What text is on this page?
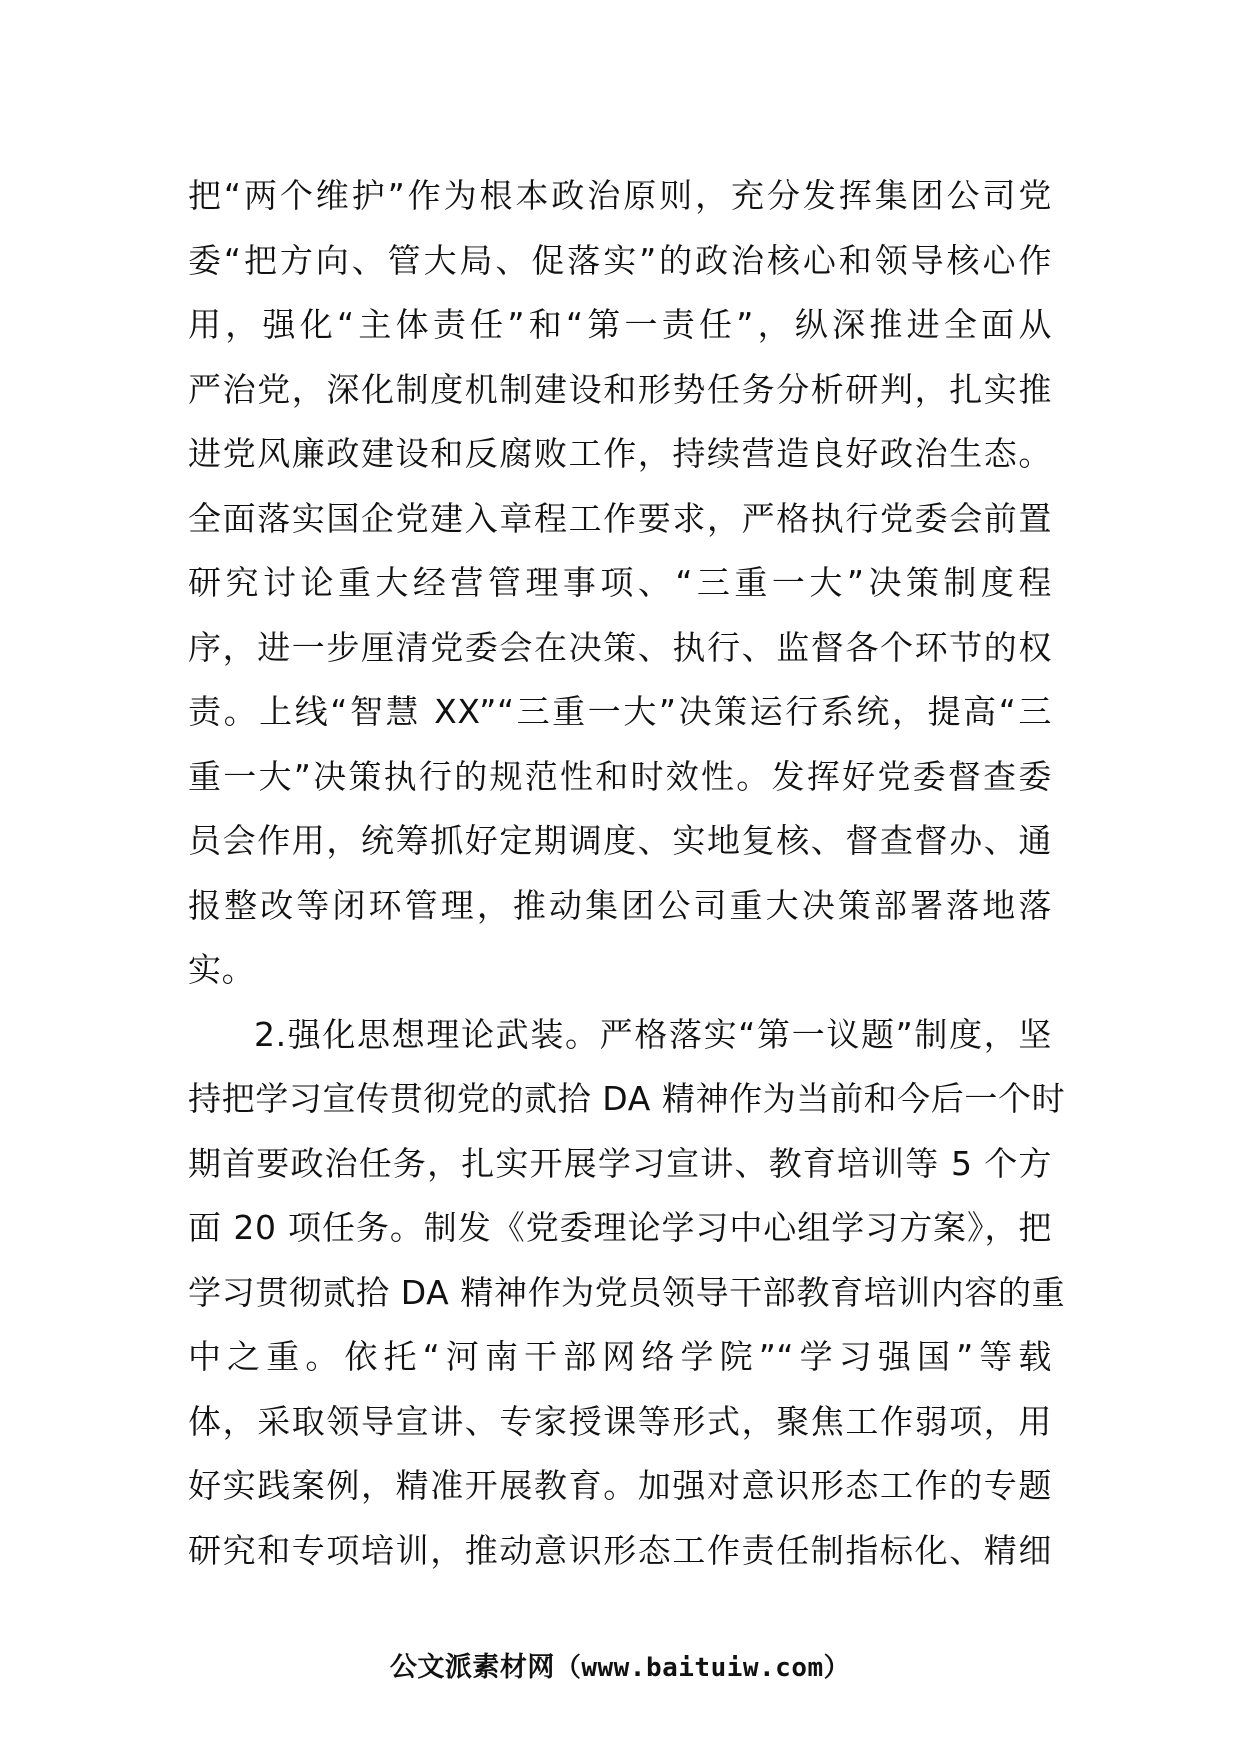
把“两个维护”作为根本政治原则，充分发挥集团公司党
委“把方向、管大局、促落实”的政治核心和领导核心作
用，强化“主体责任”和“第一责任”，纵深推进全面从
严治党，深化制度机制建设和形势任务分析研判，扎实推
进党风廉政建设和反腐败工作，持续营造良好政治生态。
全面落实国企党建入章程工作要求，严格执行党委会前置
研究讨论重大经营管理事项、“三重一大”决策制度程
序，进一步厘清党委会在决策、执行、监督各个环节的权
责。上线“智慧 XX”“三重一大”决策运行系统，提高“三
重一大”决策执行的规范性和时效性。发挥好党委督查委
员会作用，统筹抓好定期调度、实地复核、督查督办、通
报整改等闭环管理，推动集团公司重大决策部署落地落
实。
2.强化思想理论武装。严格落实“第一议题”制度，坚
持把学习宣传贯彻党的贰拾 DA 精神作为当前和今后一个时
期首要政治任务，扎实开展学习宣讲、教育培训等 5 个方
面 20 项任务。制发《党委理论学习中心组学习方案》，把
学习贯彻贰拾 DA 精神作为党员领导干部教育培训内容的重
中之重。依托“河南干部网络学院”“学习强国”等载
体，采取领导宣讲、专家授课等形式，聚焦工作弱项，用
好实践案例，精准开展教育。加强对意识形态工作的专题
研究和专项培训，推动意识形态工作责任制指标化、精细
公文派素材网（www.baituiw.com）
